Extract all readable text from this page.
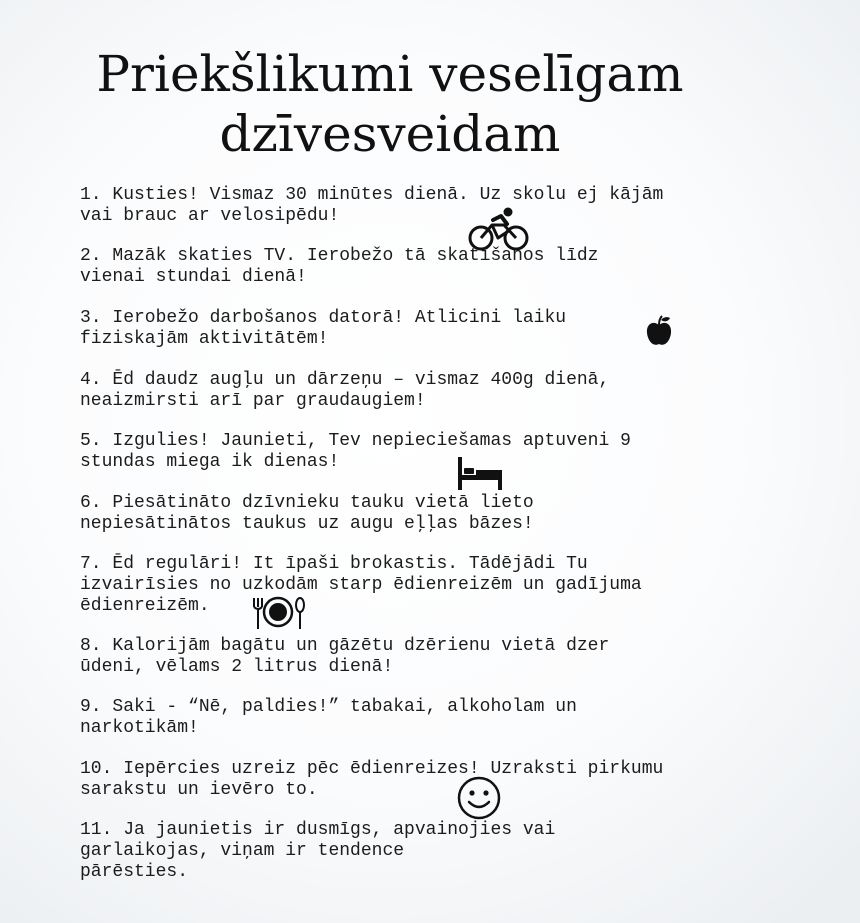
Priekšlikumi veselīgam
dzīvesveidam
1. Kusties! Vismaz 30 minūtes dienā. Uz skolu ej kājām
vai brauc ar velosipēdu!
2. Mazāk skaties TV. Ierobežo tā skatīšanos līdz
vienai stundai dienā!
3. Ierobežo darbošanos datorā! Atlicini laiku
fiziskajām aktivitātēm!
4. Ēd daudz augļu un dārzeņu – vismaz 400g dienā,
neaizmirsti arī par graudaugiem!
5. Izgulies! Jaunieti, Tev nepieciešamas aptuveni 9
stundas miega ik dienas!
6. Piesātināto dzīvnieku tauku vietā lieto
nepiesātinātos taukus uz augu eļļas bāzes!
7. Ēd regulāri! It īpaši brokastis. Tādējādi Tu
izvairīsies no uzkodām starp ēdienreizēm un gadījuma
ēdienreizēm.
8. Kalorijām bagātu un gāzētu dzērienu vietā dzer
ūdeni, vēlams 2 litrus dienā!
9. Saki - “Nē, paldies!” tabakai, alkoholam un
narkotikām!
10. Iepērcies uzreiz pēc ēdienreizes! Uzraksti pirkumu
sarakstu un ievēro to.
11. Ja jaunietis ir dusmīgs, apvainojies vai
garlaikojas, viņam ir tendence
pārēsties.
